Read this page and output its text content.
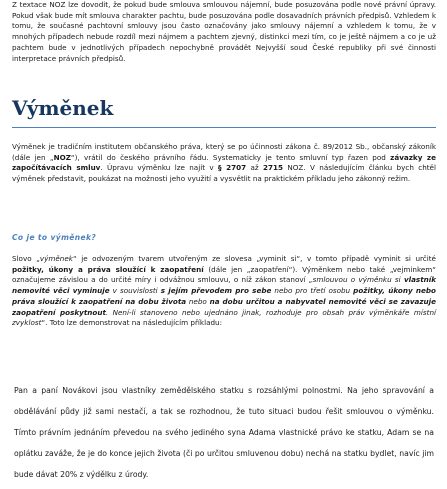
Z textace NOZ lze dovodit, že pokud bude smlouva smlouvou nájemní, bude posuzována podle nové právní úpravy. Pokud však bude mít smlouva charakter pachtu, bude posuzována podle dosavadních právních předpisů. Vzhledem k tomu, že současné pachtovní smlouvy jsou často označovány jako smlouvy nájemní a vzhledem k tomu, že v mnohých případech nebude rozdíl mezi nájmem a pachtem zjevný, distinkci mezi tím, co je ještě nájmem a co je už pachtem bude v jednotlivých případech nepochybně provádět Nejvyšší soud České republiky při své činnosti interpretace právních předpisů.

Výměnek

Výměnek je tradičním institutem občanského práva, který se po účinnosti zákona č. 89/2012 Sb., občanský zákoník (dále jen „NOZ“), vrátil do českého právního řádu. Systematicky je tento smluvní typ řazen pod závazky ze započítávacích smluv. Úpravu výměnku lze najít v § 2707 až 2715 NOZ. V následujícím článku bych chtěl výměnek představit, poukázat na možnosti jeho využití a vysvětlit na praktickém příkladu jeho zákonný režim.

Co je to výměnek?

Slovo „výměnek“ je odvozeným tvarem utvořeným ze slovesa „vyminit si“, v tomto případě vyminit si určité požitky, úkony a práva sloužící k zaopatření (dále jen „zaopatření“). Výměnkem nebo také „vejminkem“ označujeme závislou a do určité míry i odvážnou smlouvu, o níž zákon stanoví „smlouvou o výměnku si vlastník nemovité věci vyminuje v souvislosti s jejím převodem pro sebe nebo pro třetí osobu požitky, úkony nebo práva sloužící k zaopatření na dobu života nebo na dobu určitou a nabyvatel nemovité věci se zavazuje zaopatření poskytnout. Není-li stanoveno nebo ujednáno jinak, rozhoduje pro obsah práv výměnkáře místní zvyklost“. Toto lze demonstrovat na následujícím příkladu:

Pan a paní Novákovi jsou vlastníky zemědělského statku s rozsáhlými polnostmi. Na jeho spravování a obdělávání půdy již sami nestačí, a tak se rozhodnou, že tuto situaci budou řešit smlouvou o výměnku. Tímto právním jednáním převedou na svého jediného syna Adama vlastnické právo ke statku, Adam se na oplátku zaváže, že je do konce jejich života (či po určitou smluvenou dobu) nechá na statku bydlet, navíc jim bude dávat 20% z výdělku z úrody.
